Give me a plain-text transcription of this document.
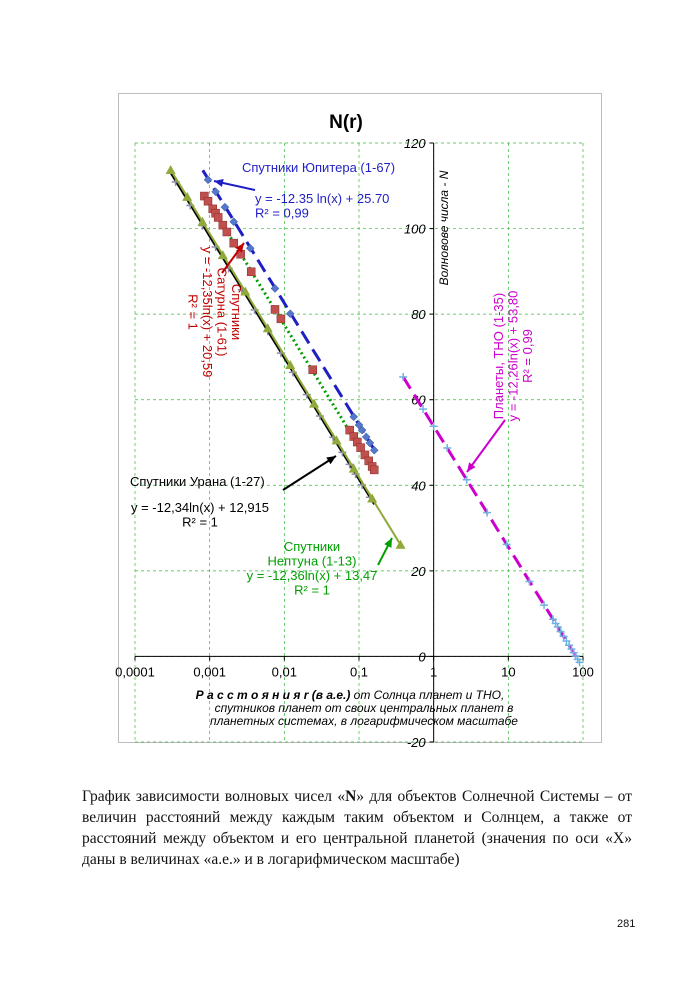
0,0001	0,001	0,01	0,1	1	10	100
-20
0
20
40
60
80
100
120
N(r)
Волновове числа - N
Р а с с т о я н и я r (в а.е.) от Солнца планет и ТНО,
спутников планет от своих центральных планет в
планетных системах, в логарифмическом масштабе
Спутники Юпитера (1-67)
y = -12.35 ln(x) + 25.70
R² = 0,99
Спутники
Сатурна (1-61)
y = -12,35ln(x) + 20,59
R² = 1
Спутники Урана (1-27)
y = -12,34ln(x) + 12,915
R² = 1
Спутники
Нептуна (1-13)
y = -12,36ln(x) + 13,47
R² = 1
Планеты, ТНО (1-35) y = -12,26ln(x) + 53,80 R² = 0,99
График зависимости волновых чисел «N» для объектов Солнечной Системы – от величин расстояний между каждым таким объектом и Солнцем, а также от расстояний между объектом и его центральной планетой (значения по оси «X» даны в величинах «а.е.» и в логарифмическом масштабе)
281
